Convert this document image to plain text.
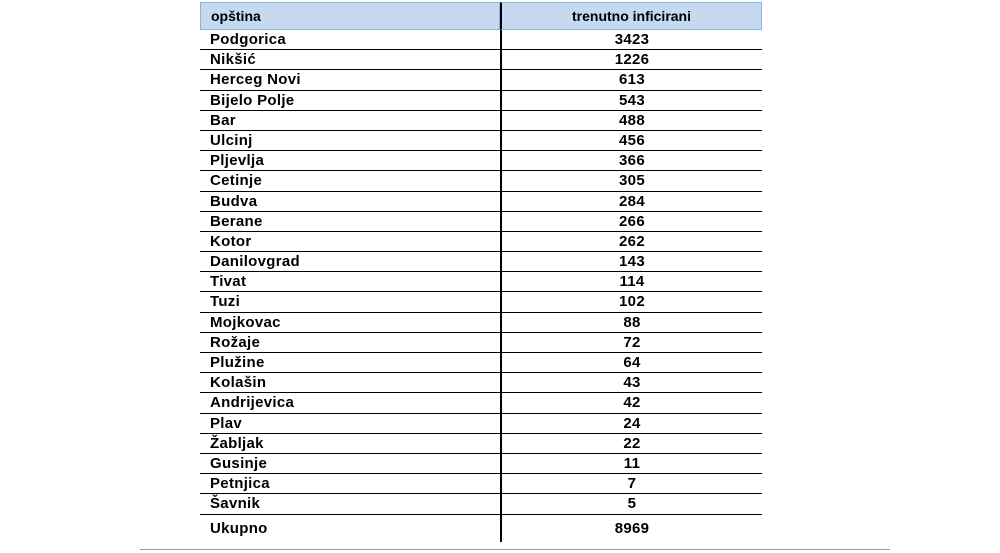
opština	trenutno inficirani
Podgorica	3423
Nikšić	1226
Herceg Novi	613
Bijelo Polje	543
Bar	488
Ulcinj	456
Pljevlja	366
Cetinje	305
Budva	284
Berane	266
Kotor	262
Danilovgrad	143
Tivat	114
Tuzi	102
Mojkovac	88
Rožaje	72
Plužine	64
Kolašin	43
Andrijevica	42
Plav	24
Žabljak	22
Gusinje	11
Petnjica	7
Šavnik	5
Ukupno	8969
